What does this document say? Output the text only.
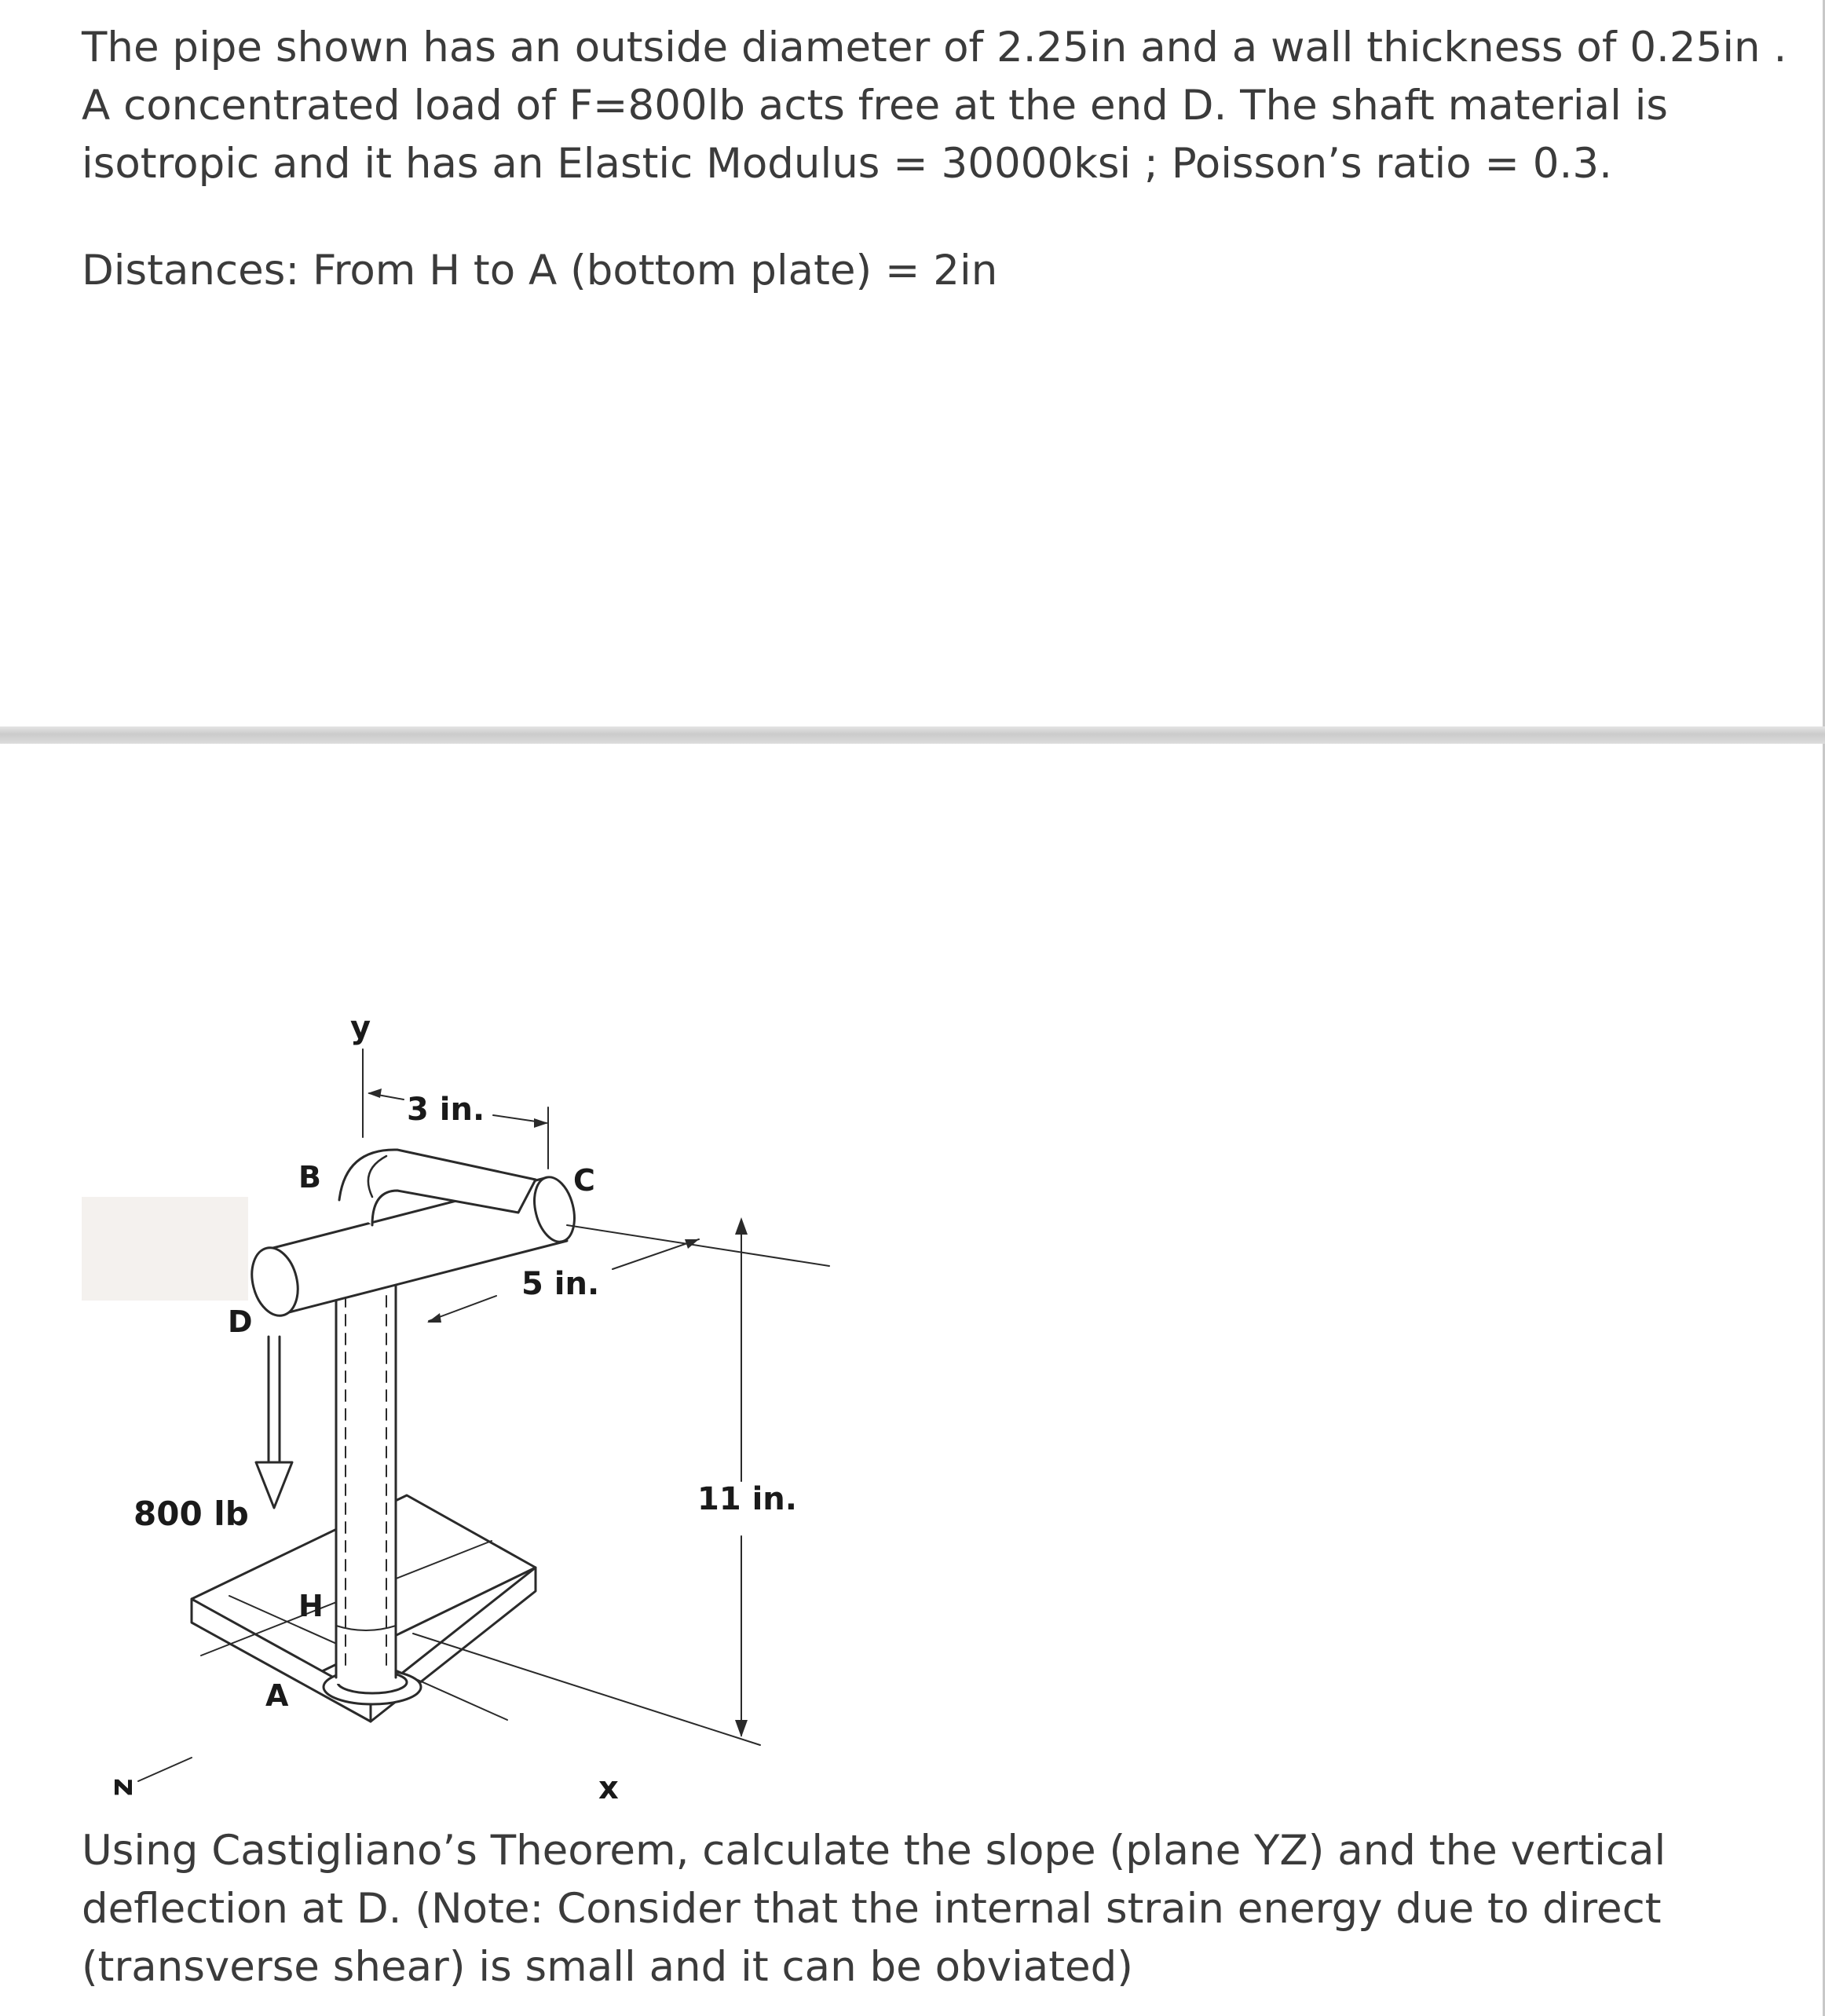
The pipe shown has an outside diameter of 2.25in and a wall thickness of 0.25in . A concentrated load of F=800lb acts free at the end D. The shaft material is isotropic and it has an Elastic Modulus = 30000ksi ; Poisson’s ratio = 0.3.

Distances: From H to A (bottom plate) = 2in

y
B	C
D
H
A
3 in.
5 in.
11 in.
800 lb
x
z

Using Castigliano’s Theorem, calculate the slope (plane YZ) and the vertical deflection at D. (Note: Consider that the internal strain energy due to direct (transverse shear) is small and it can be obviated)
